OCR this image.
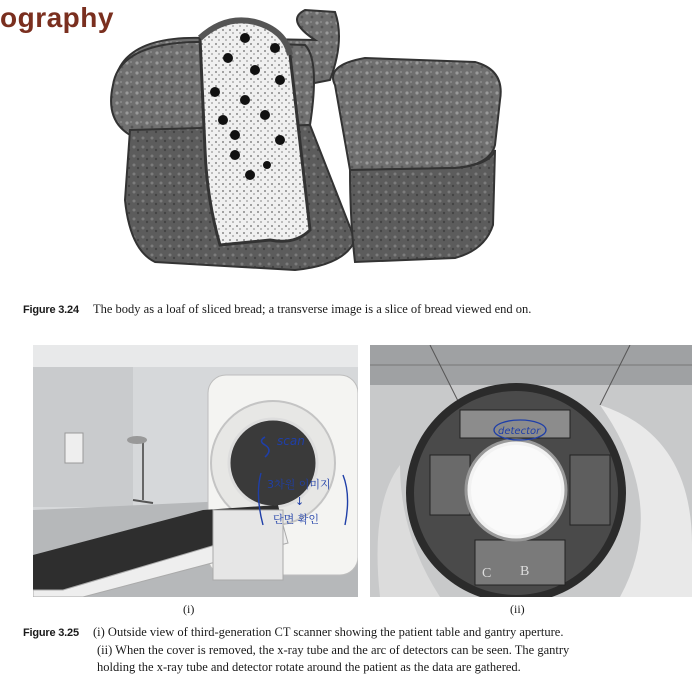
ography
Figure 3.24 The body as a loaf of sliced bread; a transverse image is a slice of bread viewed end on.
scan
3차원 이미지
↓
단면 확인
B
C
detector
(i)	(ii)
Figure 3.25 (i) Outside view of third-generation CT scanner showing the patient table and gantry aperture.
(ii) When the cover is removed, the x-ray tube and the arc of detectors can be seen. The gantry
holding the x-ray tube and detector rotate around the patient as the data are gathered.
